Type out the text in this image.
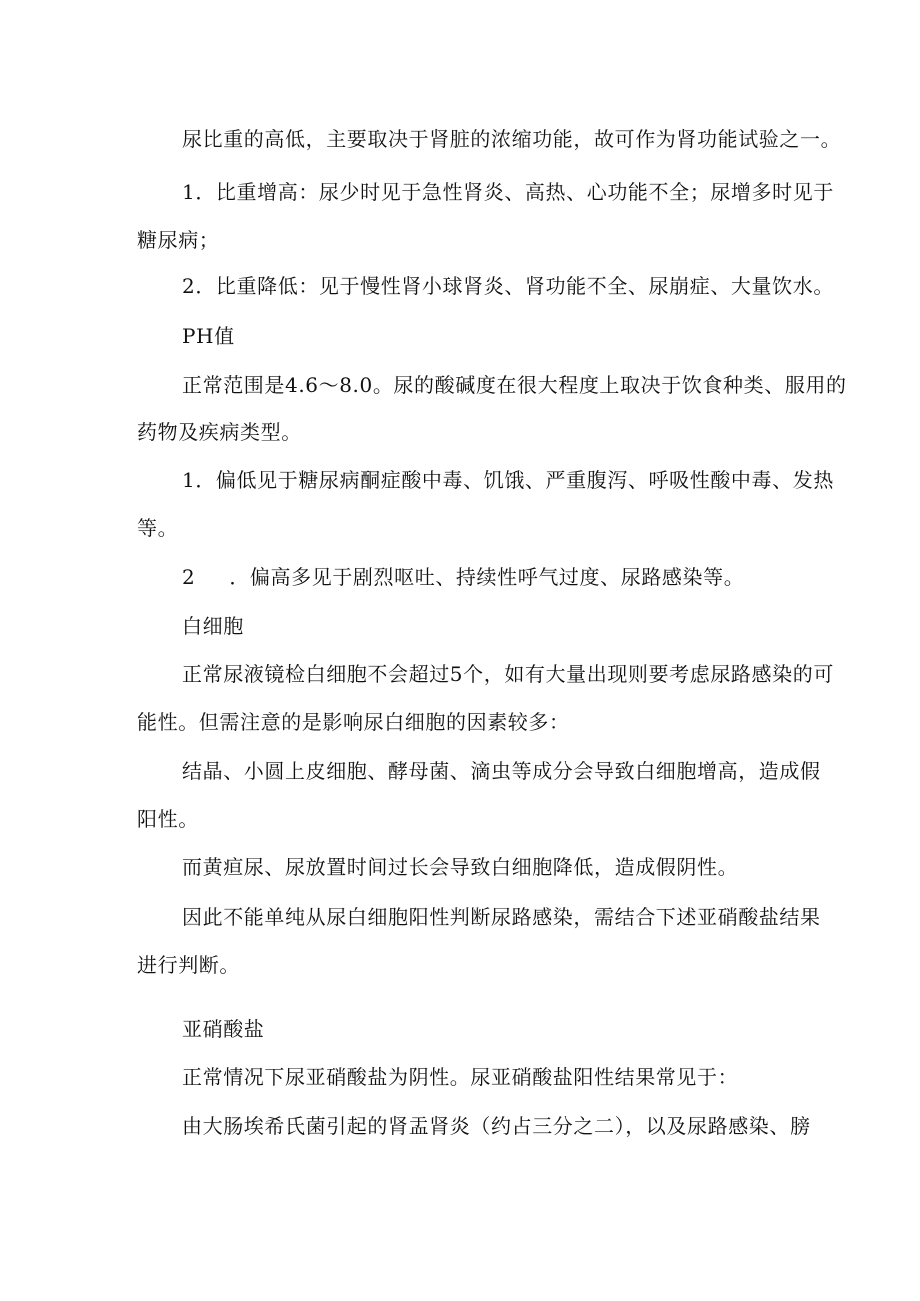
尿比重的高低，主要取决于肾脏的浓缩功能，故可作为肾功能试验之一。
1．比重增高：尿少时见于急性肾炎、高热、心功能不全；尿增多时见于
糖尿病；
2．比重降低：见于慢性肾小球肾炎、肾功能不全、尿崩症、大量饮水。
PH值
正常范围是4.6～8.0。尿的酸碱度在很大程度上取决于饮食种类、服用的
药物及疾病类型。
1．偏低见于糖尿病酮症酸中毒、饥饿、严重腹泻、呼吸性酸中毒、发热
等。
2 ．偏高多见于剧烈呕吐、持续性呼气过度、尿路感染等。
白细胞
正常尿液镜检白细胞不会超过5个，如有大量出现则要考虑尿路感染的可
能性。但需注意的是影响尿白细胞的因素较多：
结晶、小圆上皮细胞、酵母菌、滴虫等成分会导致白细胞增高，造成假
阳性。
而黄疸尿、尿放置时间过长会导致白细胞降低，造成假阴性。
因此不能单纯从尿白细胞阳性判断尿路感染，需结合下述亚硝酸盐结果
进行判断。
亚硝酸盐
正常情况下尿亚硝酸盐为阴性。尿亚硝酸盐阳性结果常见于：
由大肠埃希氏菌引起的肾盂肾炎（约占三分之二），以及尿路感染、膀
